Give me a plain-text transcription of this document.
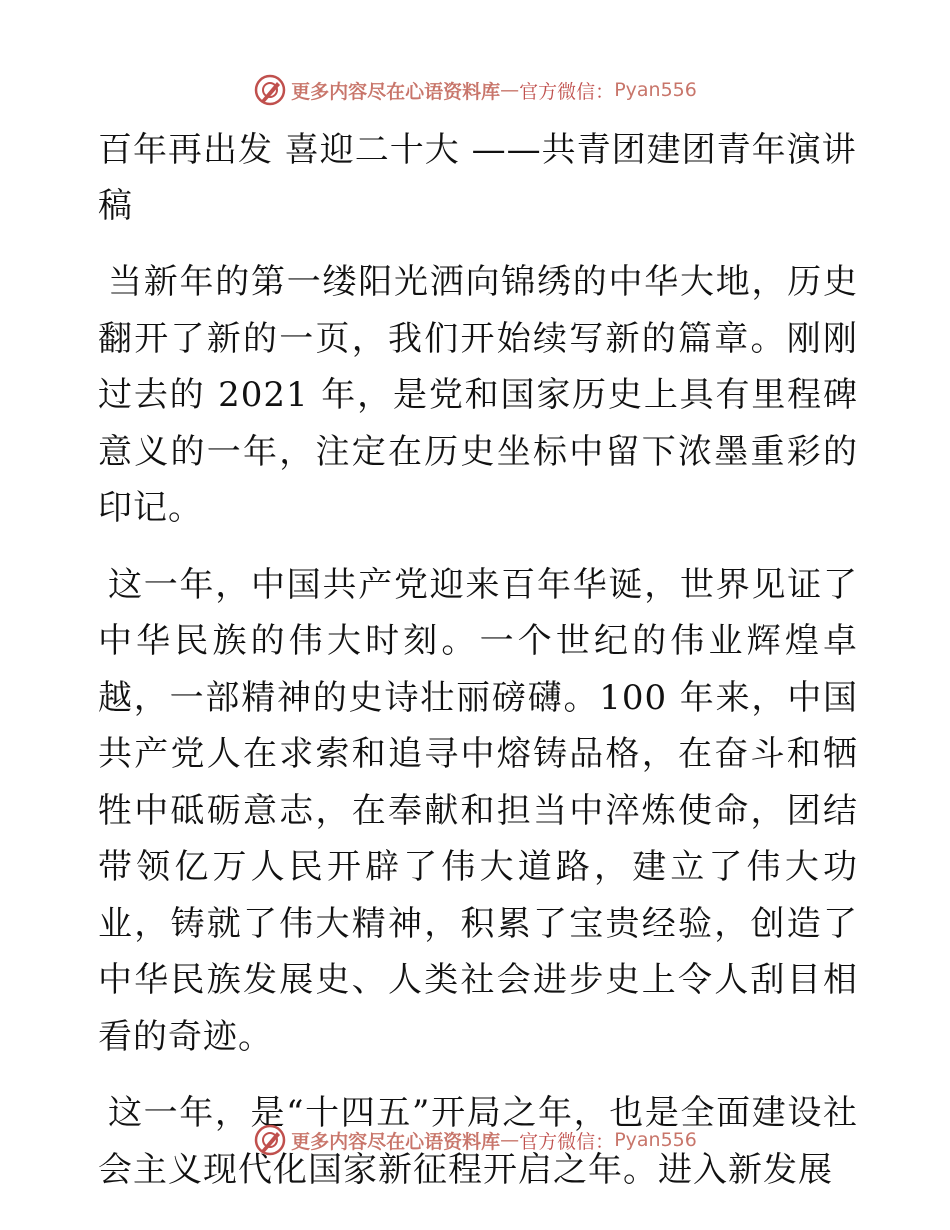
更多内容尽在心语资料库 — 官方微信： Pyan556

百年再出发 喜迎二十大 ——共青团建团青年演讲稿

当新年的第一缕阳光洒向锦绣的中华大地，历史翻开了新的一页，我们开始续写新的篇章。刚刚过去的 2021 年，是党和国家历史上具有里程碑意义的一年，注定在历史坐标中留下浓墨重彩的印记。

这一年，中国共产党迎来百年华诞，世界见证了中华民族的伟大时刻。一个世纪的伟业辉煌卓越，一部精神的史诗壮丽磅礴。100 年来，中国共产党人在求索和追寻中熔铸品格，在奋斗和牺牲中砥砺意志，在奉献和担当中淬炼使命，团结带领亿万人民开辟了伟大道路，建立了伟大功业，铸就了伟大精神，积累了宝贵经验，创造了中华民族发展史、人类社会进步史上令人刮目相看的奇迹。

这一年，是“十四五”开局之年，也是全面建设社会主义现代化国家新征程开启之年。进入新发展

更多内容尽在心语资料库 — 官方微信： Pyan556
